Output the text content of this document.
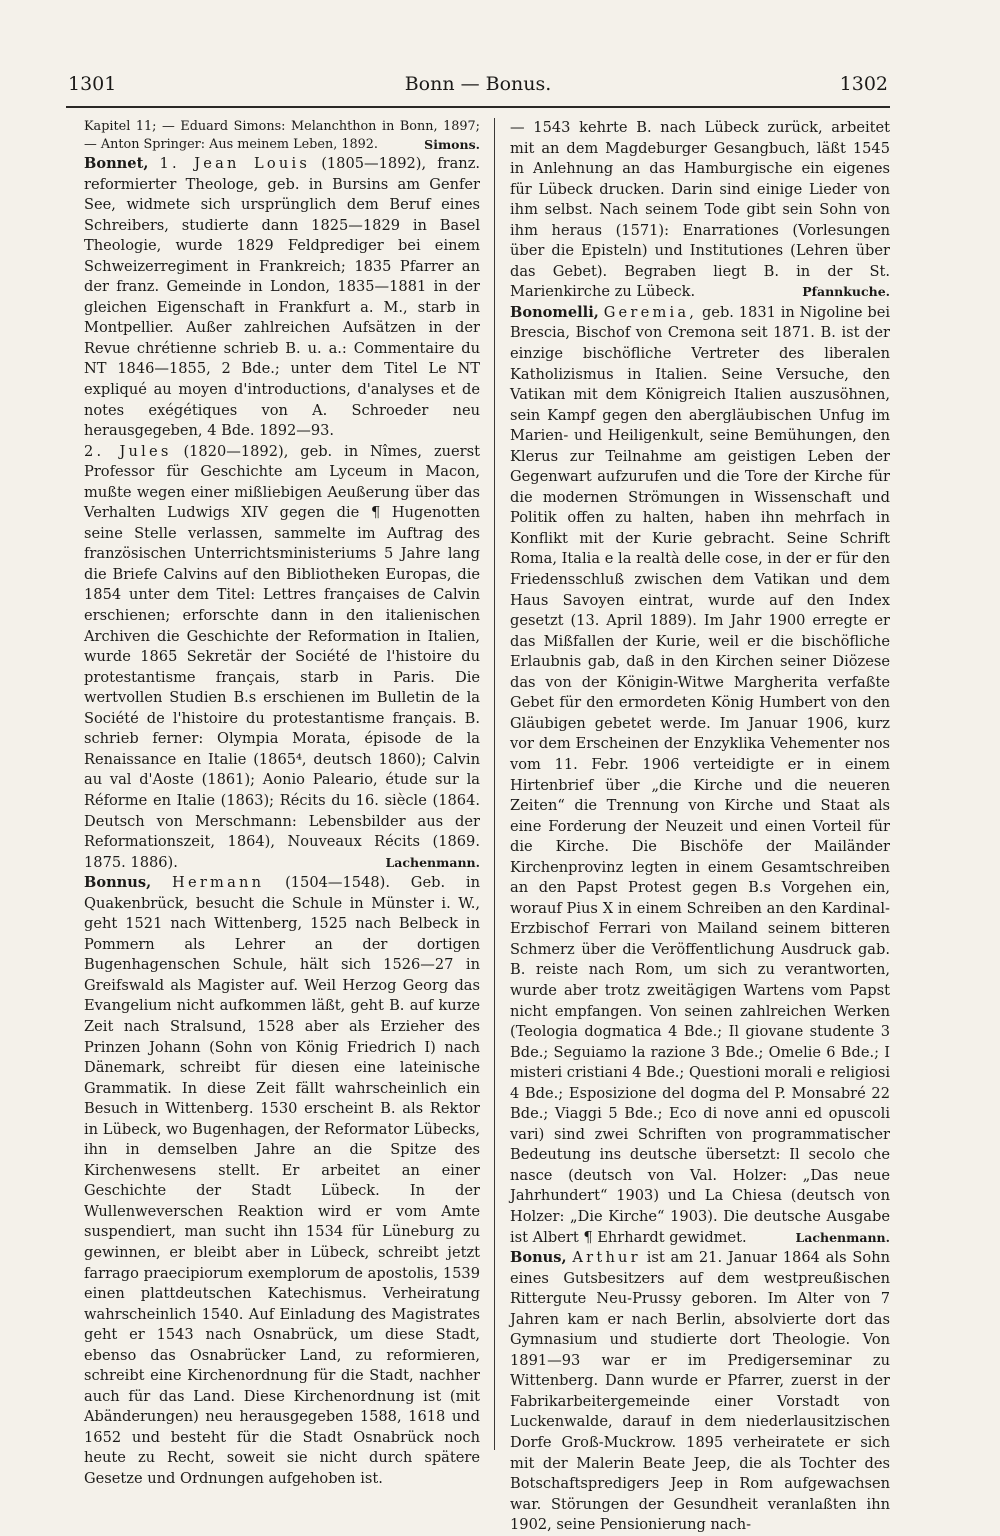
1301	Bonn — Bonus.	1302

Kapitel 11; — Eduard Simons: Melanchthon in Bonn, 1897; — Anton Springer: Aus meinem Leben, 1892.	Simons.

Bonnet, 1. Jean Louis (1805—1892), franz. reformierter Theologe, geb. in Bursins am Genfer See, widmete sich ursprünglich dem Beruf eines Schreibers, studierte dann 1825—1829 in Basel Theologie, wurde 1829 Feldprediger bei einem Schweizerregiment in Frankreich; 1835 Pfarrer an der franz. Gemeinde in London, 1835—1881 in der gleichen Eigenschaft in Frankfurt a. M., starb in Montpellier. Außer zahlreichen Aufsätzen in der Revue chrétienne schrieb B. u. a.: Commentaire du NT 1846—1855, 2 Bde.; unter dem Titel Le NT expliqué au moyen d'introductions, d'analyses et de notes exégétiques von A. Schroeder neu herausgegeben, 4 Bde. 1892—93.

2. Jules (1820—1892), geb. in Nîmes, zuerst Professor für Geschichte am Lyceum in Macon, mußte wegen einer mißliebigen Aeußerung über das Verhalten Ludwigs XIV gegen die ¶ Hugenotten seine Stelle verlassen, sammelte im Auftrag des französischen Unterrichtsministeriums 5 Jahre lang die Briefe Calvins auf den Bibliotheken Europas, die 1854 unter dem Titel: Lettres françaises de Calvin erschienen; erforschte dann in den italienischen Archiven die Geschichte der Reformation in Italien, wurde 1865 Sekretär der Société de l'histoire du protestantisme français, starb in Paris. Die wertvollen Studien B.s erschienen im Bulletin de la Société de l'histoire du protestantisme français. B. schrieb ferner: Olympia Morata, épisode de la Renaissance en Italie (1865⁴, deutsch 1860); Calvin au val d'Aoste (1861); Aonio Paleario, étude sur la Réforme en Italie (1863); Récits du 16. siècle (1864. Deutsch von Merschmann: Lebensbilder aus der Reformationszeit, 1864), Nouveaux Récits (1869. 1875. 1886).	Lachenmann.

Bonnus, Hermann (1504—1548). Geb. in Quakenbrück, besucht die Schule in Münster i. W., geht 1521 nach Wittenberg, 1525 nach Belbeck in Pommern als Lehrer an der dortigen Bugenhagenschen Schule, hält sich 1526—27 in Greifswald als Magister auf. Weil Herzog Georg das Evangelium nicht aufkommen läßt, geht B. auf kurze Zeit nach Stralsund, 1528 aber als Erzieher des Prinzen Johann (Sohn von König Friedrich I) nach Dänemark, schreibt für diesen eine lateinische Grammatik. In diese Zeit fällt wahrscheinlich ein Besuch in Wittenberg. 1530 erscheint B. als Rektor in Lübeck, wo Bugenhagen, der Reformator Lübecks, ihn in demselben Jahre an die Spitze des Kirchenwesens stellt. Er arbeitet an einer Geschichte der Stadt Lübeck. In der Wullenweverschen Reaktion wird er vom Amte suspendiert, man sucht ihn 1534 für Lüneburg zu gewinnen, er bleibt aber in Lübeck, schreibt jetzt farrago praecipiorum exemplorum de apostolis, 1539 einen plattdeutschen Katechismus. Verheiratung wahrscheinlich 1540. Auf Einladung des Magistrates geht er 1543 nach Osnabrück, um diese Stadt, ebenso das Osnabrücker Land, zu reformieren, schreibt eine Kirchenordnung für die Stadt, nachher auch für das Land. Diese Kirchenordnung ist (mit Abänderungen) neu herausgegeben 1588, 1618 und 1652 und besteht für die Stadt Osnabrück noch heute zu Recht, soweit sie nicht durch spätere Gesetze und Ordnungen aufgehoben ist.

— 1543 kehrte B. nach Lübeck zurück, arbeitet mit an dem Magdeburger Gesangbuch, läßt 1545 in Anlehnung an das Hamburgische ein eigenes für Lübeck drucken. Darin sind einige Lieder von ihm selbst. Nach seinem Tode gibt sein Sohn von ihm heraus (1571): Enarrationes (Vorlesungen über die Episteln) und Institutiones (Lehren über das Gebet). Begraben liegt B. in der St. Marienkirche zu Lübeck.	Pfannkuche.

Bonomelli, Geremia, geb. 1831 in Nigoline bei Brescia, Bischof von Cremona seit 1871. B. ist der einzige bischöfliche Vertreter des liberalen Katholizismus in Italien. Seine Versuche, den Vatikan mit dem Königreich Italien auszusöhnen, sein Kampf gegen den abergläubischen Unfug im Marien- und Heiligenkult, seine Bemühungen, den Klerus zur Teilnahme am geistigen Leben der Gegenwart aufzurufen und die Tore der Kirche für die modernen Strömungen in Wissenschaft und Politik offen zu halten, haben ihn mehrfach in Konflikt mit der Kurie gebracht. Seine Schrift Roma, Italia e la realtà delle cose, in der er für den Friedensschluß zwischen dem Vatikan und dem Haus Savoyen eintrat, wurde auf den Index gesetzt (13. April 1889). Im Jahr 1900 erregte er das Mißfallen der Kurie, weil er die bischöfliche Erlaubnis gab, daß in den Kirchen seiner Diözese das von der Königin-Witwe Margherita verfaßte Gebet für den ermordeten König Humbert von den Gläubigen gebetet werde. Im Januar 1906, kurz vor dem Erscheinen der Enzyklika Vehementer nos vom 11. Febr. 1906 verteidigte er in einem Hirtenbrief über „die Kirche und die neueren Zeiten“ die Trennung von Kirche und Staat als eine Forderung der Neuzeit und einen Vorteil für die Kirche. Die Bischöfe der Mailänder Kirchenprovinz legten in einem Gesamtschreiben an den Papst Protest gegen B.s Vorgehen ein, worauf Pius X in einem Schreiben an den Kardinal-Erzbischof Ferrari von Mailand seinem bitteren Schmerz über die Veröffentlichung Ausdruck gab. B. reiste nach Rom, um sich zu verantworten, wurde aber trotz zweitägigen Wartens vom Papst nicht empfangen. Von seinen zahlreichen Werken (Teologia dogmatica 4 Bde.; Il giovane studente 3 Bde.; Seguiamo la razione 3 Bde.; Omelie 6 Bde.; I misteri cristiani 4 Bde.; Questioni morali e religiosi 4 Bde.; Esposizione del dogma del P. Monsabré 22 Bde.; Viaggi 5 Bde.; Eco di nove anni ed opuscoli vari) sind zwei Schriften von programmatischer Bedeutung ins deutsche übersetzt: Il secolo che nasce (deutsch von Val. Holzer: „Das neue Jahrhundert“ 1903) und La Chiesa (deutsch von Holzer: „Die Kirche“ 1903). Die deutsche Ausgabe ist Albert ¶ Ehrhardt gewidmet.	Lachenmann.

Bonus, Arthur ist am 21. Januar 1864 als Sohn eines Gutsbesitzers auf dem westpreußischen Rittergute Neu-Prussy geboren. Im Alter von 7 Jahren kam er nach Berlin, absolvierte dort das Gymnasium und studierte dort Theologie. Von 1891—93 war er im Predigerseminar zu Wittenberg. Dann wurde er Pfarrer, zuerst in der Fabrikarbeitergemeinde einer Vorstadt von Luckenwalde, darauf in dem niederlausitzischen Dorfe Groß-Muckrow. 1895 verheiratete er sich mit der Malerin Beate Jeep, die als Tochter des Botschaftspredigers Jeep in Rom aufgewachsen war. Störungen der Gesundheit veranlaßten ihn 1902, seine Pensionierung nach-
